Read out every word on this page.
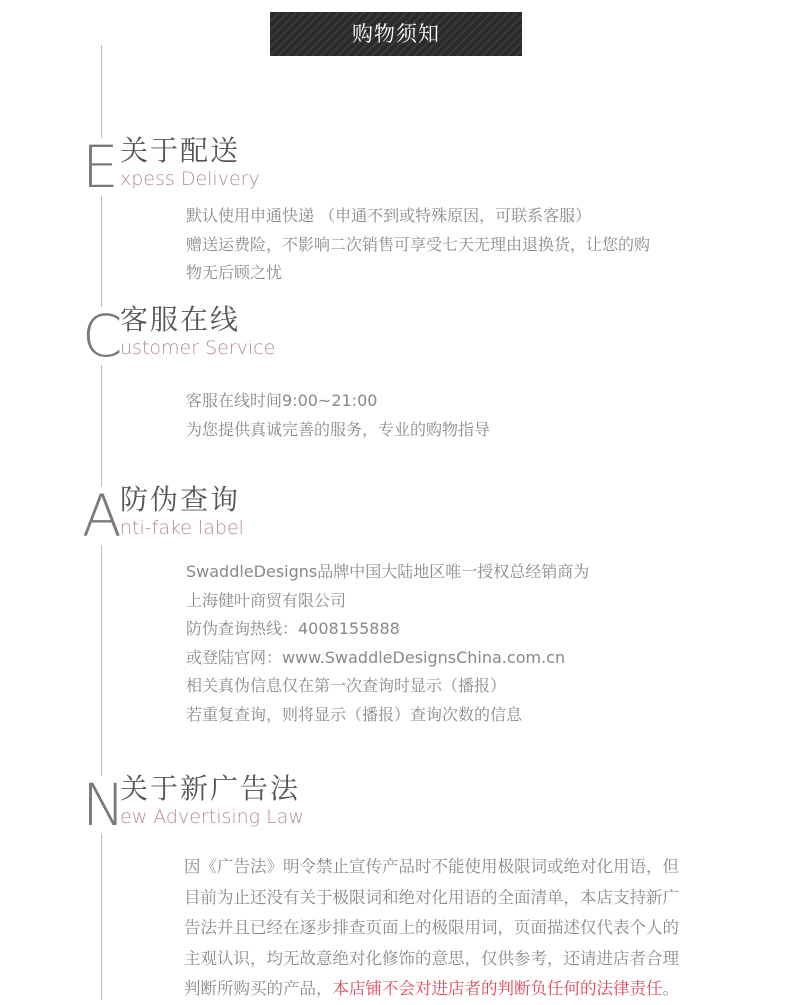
购物须知
E 关于配送
xpess Delivery
默认使用申通快递 （申通不到或特殊原因，可联系客服）
赠送运费险，不影响二次销售可享受七天无理由退换货，让您的购
物无后顾之忧
C
客服在线
ustomer Service
客服在线时间9:00~21:00
为您提供真诚完善的服务，专业的购物指导
A
防伪查询
nti-fake label
SwaddleDesigns品牌中国大陆地区唯一授权总经销商为
上海健叶商贸有限公司
防伪查询热线：4008155888
或登陆官网：www.SwaddleDesignsChina.com.cn
相关真伪信息仅在第一次查询时显示（播报）
若重复查询，则将显示（播报）查询次数的信息
N
关于新广告法
ew Advertising Law
因《广告法》明令禁止宣传产品时不能使用极限词或绝对化用语，但
目前为止还没有关于极限词和绝对化用语的全面清单，本店支持新广
告法并且已经在逐步排查页面上的极限用词，页面描述仅代表个人的
主观认识，均无故意绝对化修饰的意思，仅供参考，还请进店者合理
判断所购买的产品，本店铺不会对进店者的判断负任何的法律责任。
